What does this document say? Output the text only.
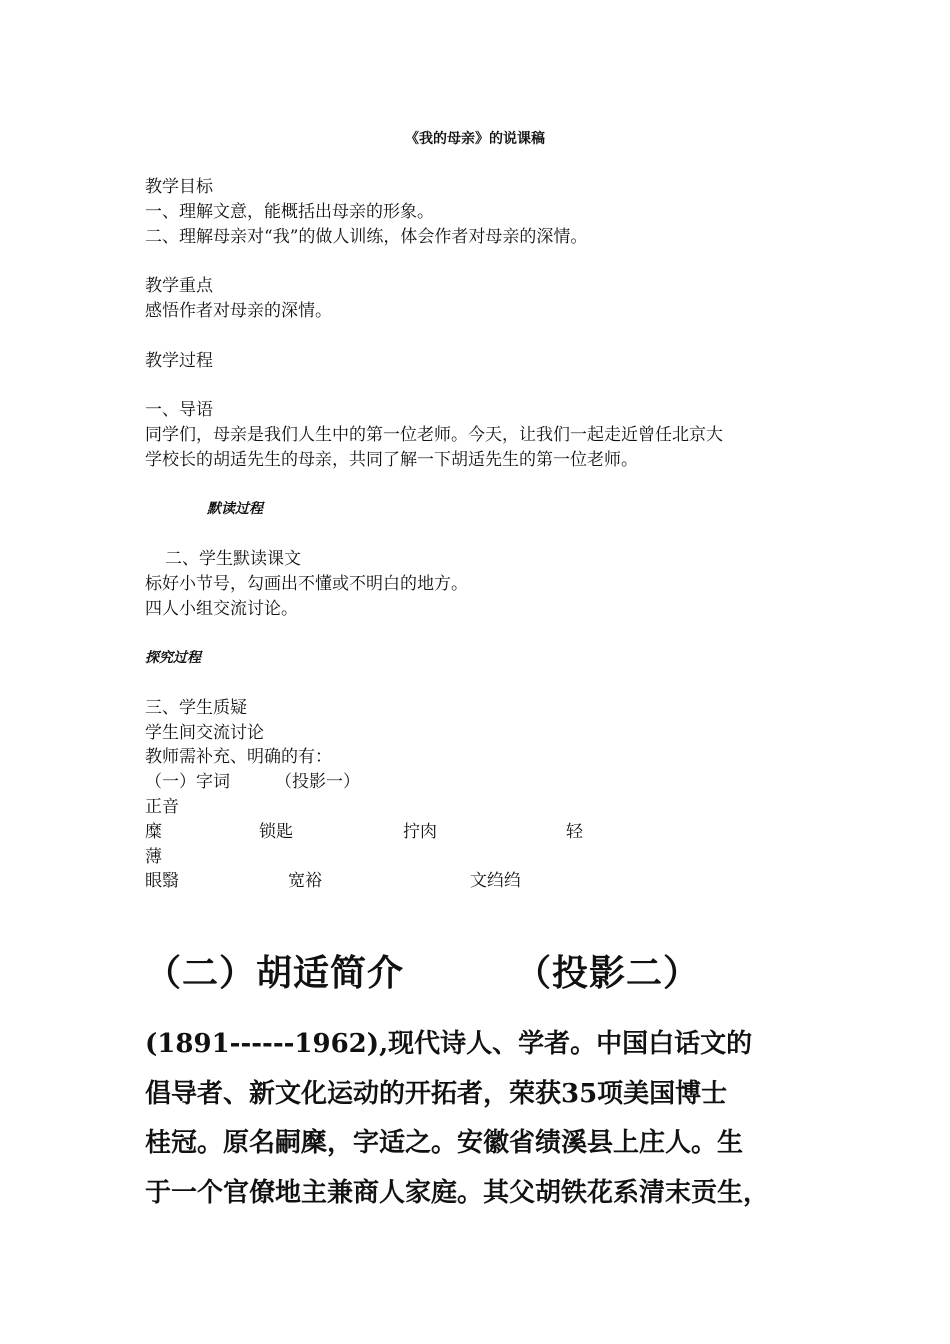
《我的母亲》的说课稿
教学目标
一、理解文意，能概括出母亲的形象。
二、理解母亲对“我”的做人训练，体会作者对母亲的深情。
教学重点
感悟作者对母亲的深情。
教学过程
一、导语
同学们，母亲是我们人生中的第一位老师。今天，让我们一起走近曾任北京大
学校长的胡适先生的母亲，共同了解一下胡适先生的第一位老师。
默读过程
二、学生默读课文
标好小节号，勾画出不懂或不明白的地方。
四人小组交流讨论。
探究过程
三、学生质疑
学生间交流讨论
教师需补充、明确的有：
（一）字词	（投影一）
正音
糜	锁匙	拧肉	轻
薄
眼翳	宽裕	文绉绉
（二）胡适简介	（投影二）
(1891------1962),现代诗人、学者。中国白话文的
倡导者、新文化运动的开拓者，荣获35项美国博士
桂冠。原名嗣穈，字适之。安徽省绩溪县上庄人。生
于一个官僚地主兼商人家庭。其父胡铁花系清末贡生，
